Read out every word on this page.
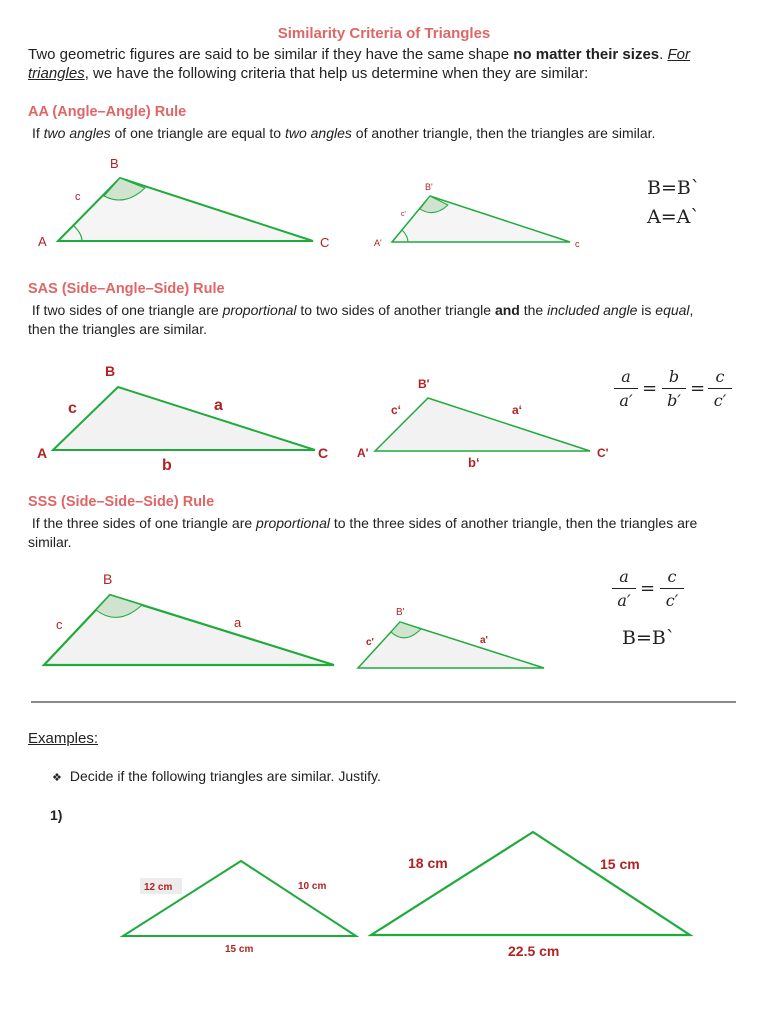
Similarity Criteria of Triangles
Two geometric figures are said to be similar if they have the same shape no matter their sizes. For
triangles, we have the following criteria that help us determine when they are similar:
AA (Angle–Angle) Rule
If two angles of one triangle are equal to two angles of another triangle, then the triangles are similar.
B
c
A	C
B'
c'
A'	c
B=Bˋ
A=Aˋ
SAS (Side–Angle–Side) Rule
If two sides of one triangle are proportional to two sides of another triangle and the included angle is equal,
then the triangles are similar.
B
a
c
A
b
C
B'
c‘	a‘
A'
b‘
C'
$\frac{a}{a'} = \frac{b}{b'} = \frac{c}{c'}$
SSS (Side–Side–Side) Rule
If the three sides of one triangle are proportional to the three sides of another triangle, then the triangles are
similar.
B
c	a
B'
c'	a'
$\frac{a}{a'} = \frac{c}{c'}$
B=Bˋ
Examples:
❖ Decide if the following triangles are similar. Justify.
1)
12 cm	10 cm
15 cm
18 cm	15 cm
22.5 cm
